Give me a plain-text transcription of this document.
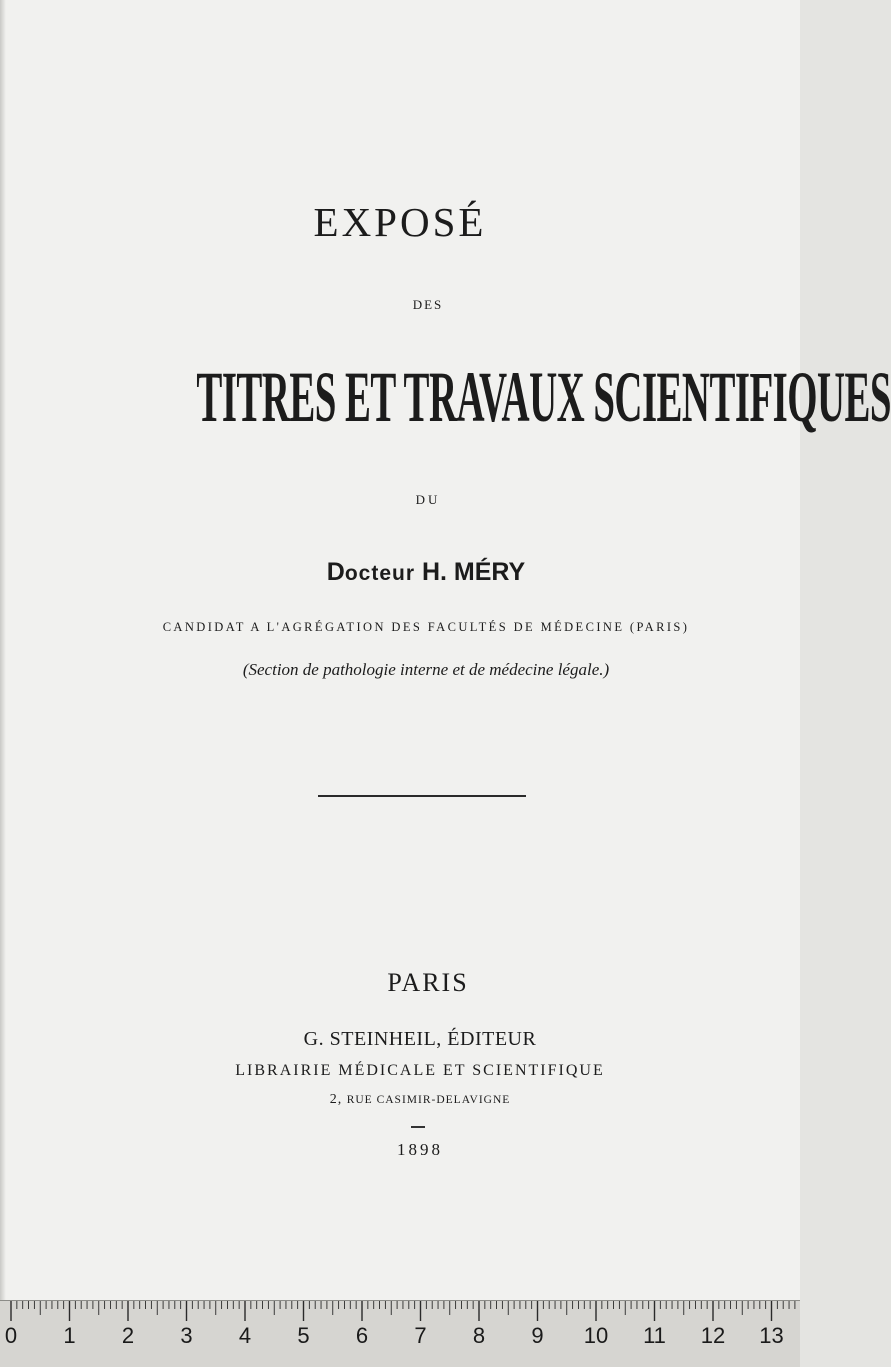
EXPOSÉ
DES
TITRES ET TRAVAUX SCIENTIFIQUES
DU
Docteur H. MÉRY
CANDIDAT A L'AGRÉGATION DES FACULTÉS DE MÉDECINE (PARIS)
(Section de pathologie interne et de médecine légale.)
PARIS
G. STEINHEIL, ÉDITEUR
LIBRAIRIE MÉDICALE ET SCIENTIFIQUE
2, RUE CASIMIR-DELAVIGNE
1898
0 1 2 3 4 5 6 7 8 9 10 11 12 13
